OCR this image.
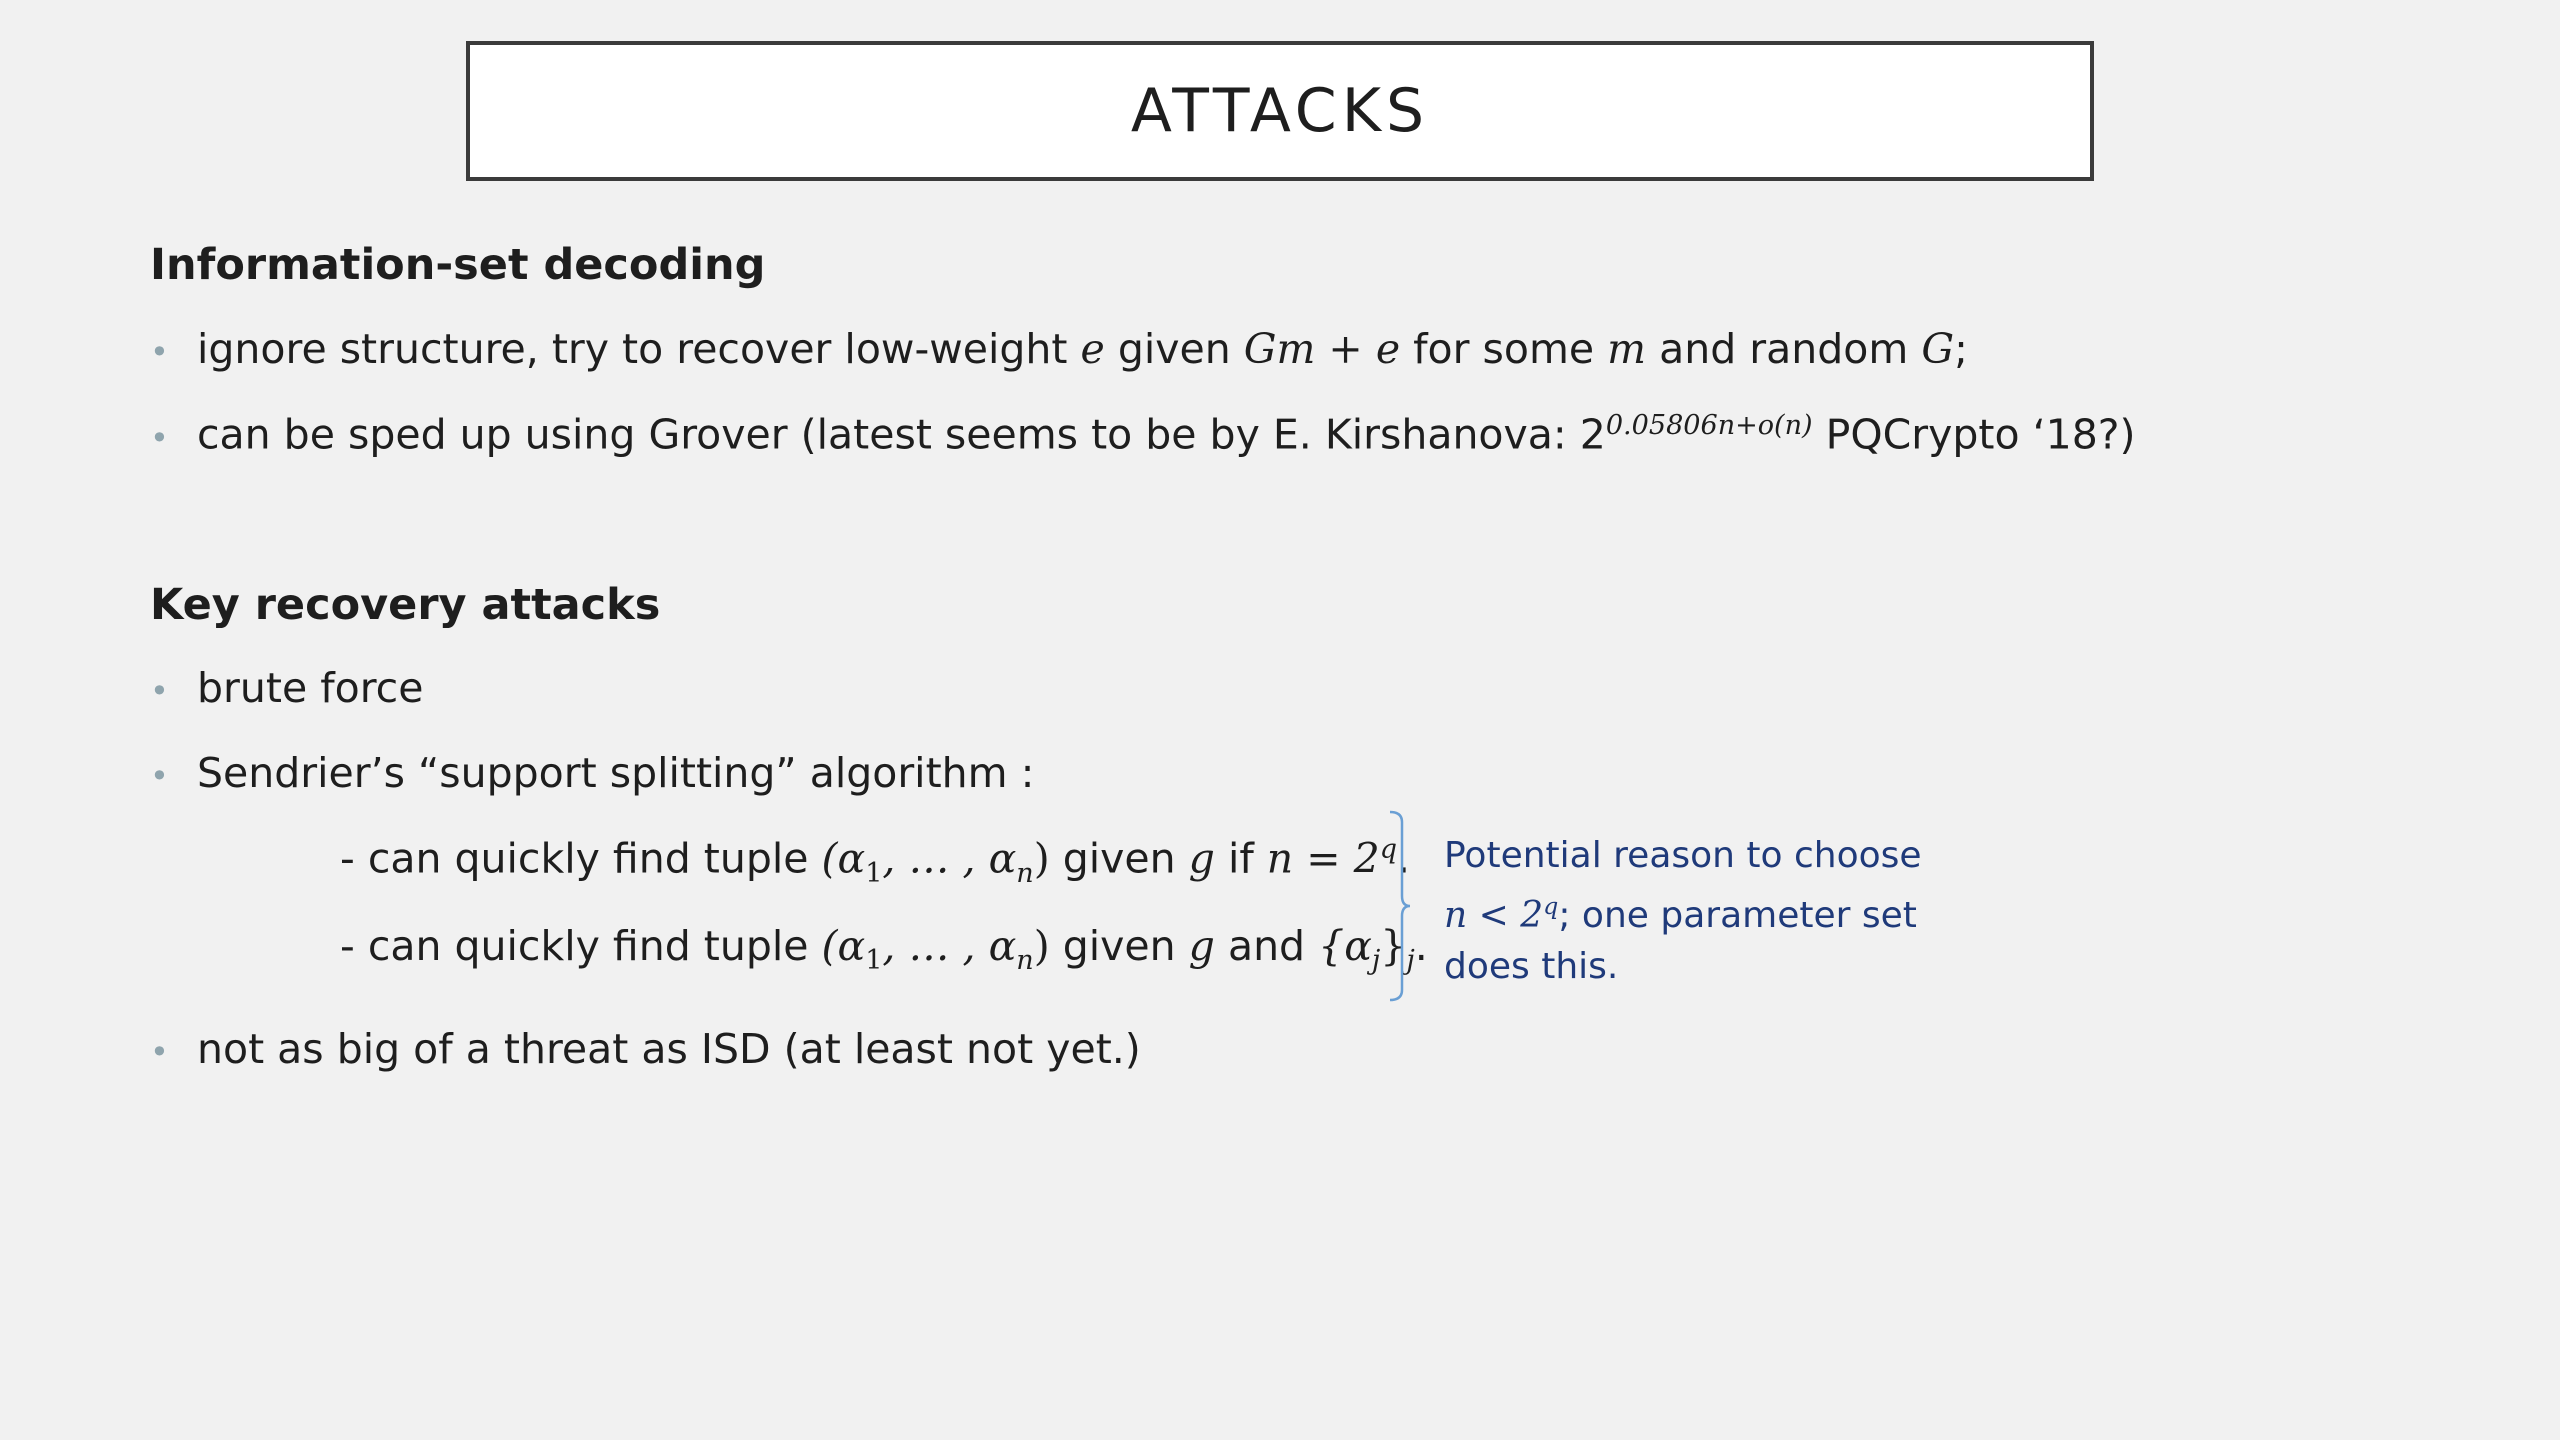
ATTACKS
Information-set decoding
• ignore structure, try to recover low-weight e given Gm + e for some m and random G;
• can be sped up using Grover (latest seems to be by E. Kirshanova: $2^{0.05806n+o(n)}$ PQCrypto ‘18?)
Key recovery attacks
• brute force
• Sendrier’s “support splitting” algorithm :
- can quickly find tuple ($\alpha_1$, … , $\alpha_n$) given g if $n = 2^q$.
- can quickly find tuple ($\alpha_1$, … , $\alpha_n$) given g and $\{\alpha_j\}_j$.
Potential reason to choose
$n < 2^q$; one parameter set
does this.
• not as big of a threat as ISD (at least not yet.)
